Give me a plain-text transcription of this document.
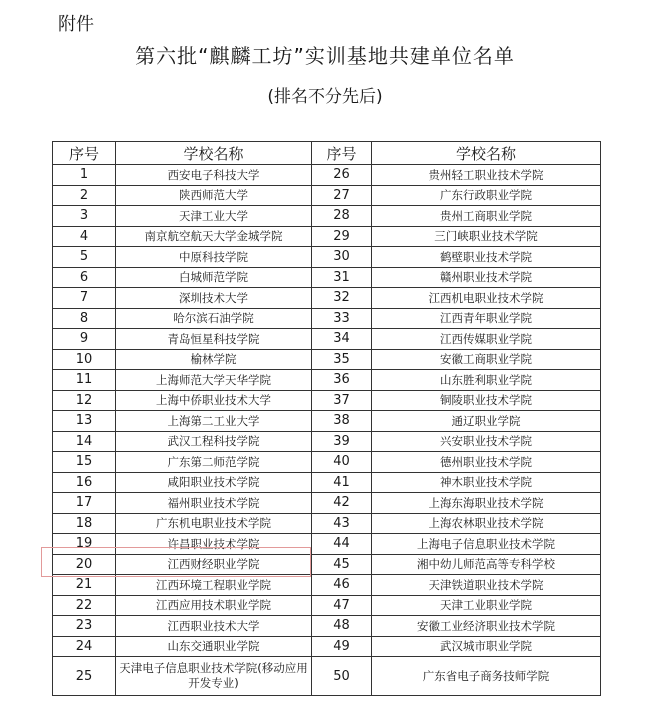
附件
第六批“麒麟工坊”实训基地共建单位名单
(排名不分先后)
序号	学校名称	序号	学校名称
1	西安电子科技大学	26	贵州轻工职业技术学院
2	陕西师范大学	27	广东行政职业学院
3	天津工业大学	28	贵州工商职业学院
4	南京航空航天大学金城学院	29	三门峡职业技术学院
5	中原科技学院	30	鹤壁职业技术学院
6	白城师范学院	31	赣州职业技术学院
7	深圳技术大学	32	江西机电职业技术学院
8	哈尔滨石油学院	33	江西青年职业学院
9	青岛恒星科技学院	34	江西传媒职业学院
10	榆林学院	35	安徽工商职业学院
11	上海师范大学天华学院	36	山东胜利职业学院
12	上海中侨职业技术大学	37	铜陵职业技术学院
13	上海第二工业大学	38	通辽职业学院
14	武汉工程科技学院	39	兴安职业技术学院
15	广东第二师范学院	40	德州职业技术学院
16	咸阳职业技术学院	41	神木职业技术学院
17	福州职业技术学院	42	上海东海职业技术学院
18	广东机电职业技术学院	43	上海农林职业技术学院
19	许昌职业技术学院	44	上海电子信息职业技术学院
20	江西财经职业学院	45	湘中幼儿师范高等专科学校
21	江西环境工程职业学院	46	天津铁道职业技术学院
22	江西应用技术职业学院	47	天津工业职业学院
23	江西职业技术大学	48	安徽工业经济职业技术学院
24	山东交通职业学院	49	武汉城市职业学院
25	天津电子信息职业技术学院(移动应用开发专业)	50	广东省电子商务技师学院
